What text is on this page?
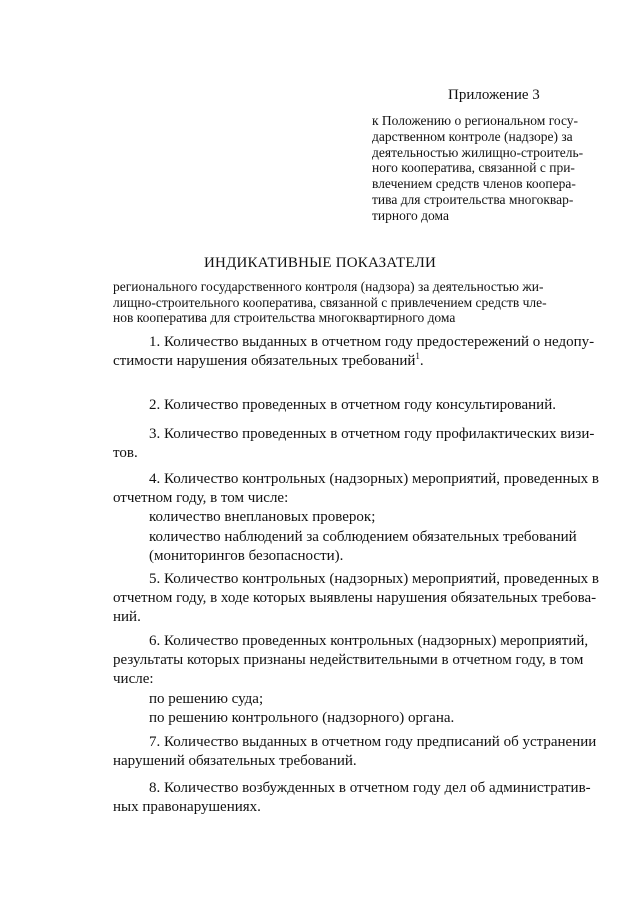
Приложение 3
к Положению о региональном госу-
дарственном контроле (надзоре) за
деятельностью жилищно-строитель-
ного кооператива, связанной с при-
влечением средств членов коопера-
тива для строительства многоквар-
тирного дома
ИНДИКАТИВНЫЕ ПОКАЗАТЕЛИ
регионального государственного контроля (надзора) за деятельностью жи-
лищно-строительного кооператива, связанной с привлечением средств чле-
нов кооператива для строительства многоквартирного дома
1. Количество выданных в отчетном году предостережений о недопу-
стимости нарушения обязательных требований$^1$.
2. Количество проведенных в отчетном году консультирований.
3. Количество проведенных в отчетном году профилактических визи-
тов.
4. Количество контрольных (надзорных) мероприятий, проведенных в
отчетном году, в том числе:
количество внеплановых проверок;
количество наблюдений за соблюдением обязательных требований
(мониторингов безопасности).
5. Количество контрольных (надзорных) мероприятий, проведенных в
отчетном году, в ходе которых выявлены нарушения обязательных требова-
ний.
6. Количество проведенных контрольных (надзорных) мероприятий,
результаты которых признаны недействительными в отчетном году, в том
числе:
по решению суда;
по решению контрольного (надзорного) органа.
7. Количество выданных в отчетном году предписаний об устранении
нарушений обязательных требований.
8. Количество возбужденных в отчетном году дел об административ-
ных правонарушениях.
